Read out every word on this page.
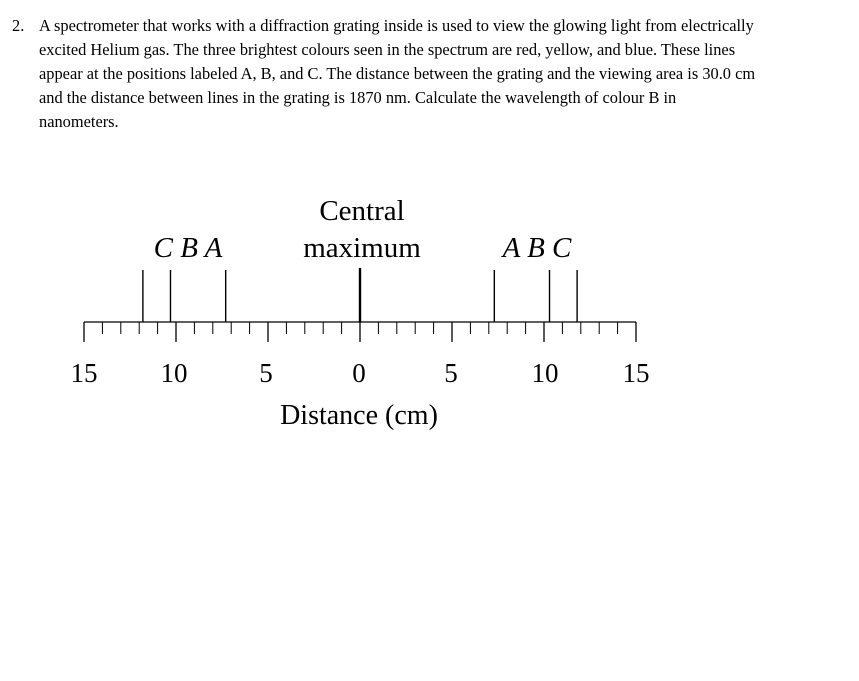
2. A spectrometer that works with a diffraction grating inside is used to view the glowing light from electrically
excited Helium gas. The three brightest colours seen in the spectrum are red, yellow, and blue. These lines
appear at the positions labeled A, B, and C. The distance between the grating and the viewing area is 30.0 cm
and the distance between lines in the grating is 1870 nm. Calculate the wavelength of colour B in
nanometers.
Central
maximum
C B A	A B C
15 10	5	0	5	10 15
Distance (cm)
